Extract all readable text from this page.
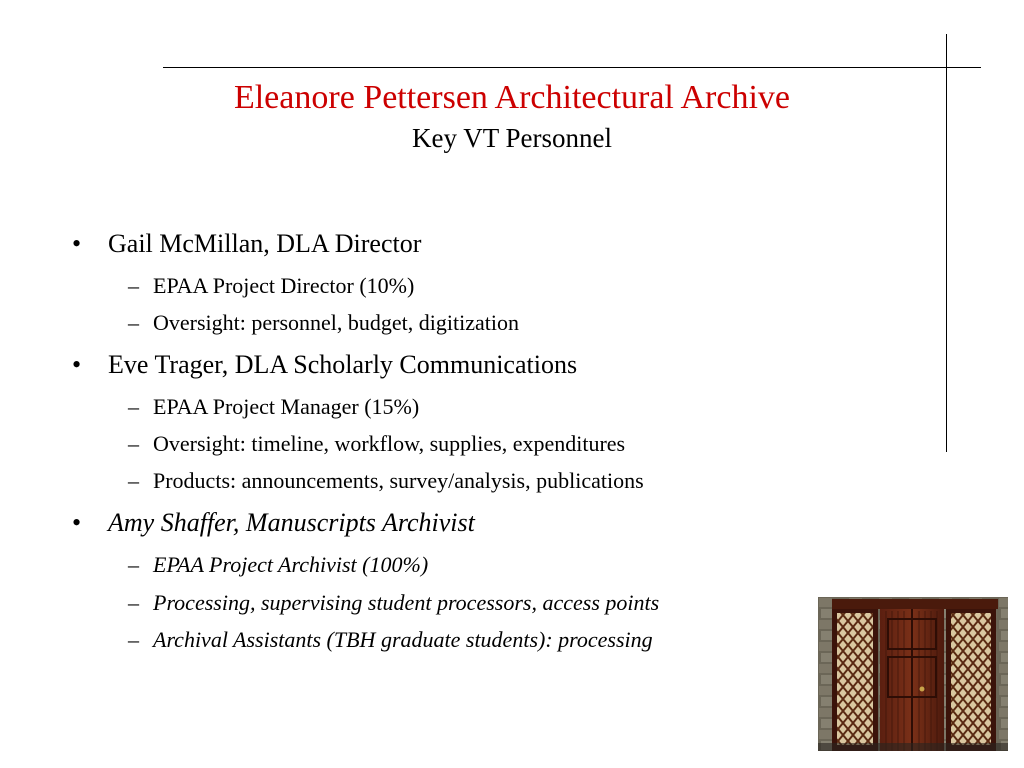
Eleanore Pettersen Architectural Archive
Key VT Personnel
• Gail McMillan, DLA Director
– EPAA Project Director (10%)
– Oversight: personnel, budget, digitization
• Eve Trager, DLA Scholarly Communications
– EPAA Project Manager (15%)
– Oversight: timeline, workflow, supplies, expenditures
– Products: announcements, survey/analysis, publications
• Amy Shaffer, Manuscripts Archivist
– EPAA Project Archivist (100%)
– Processing, supervising student processors, access points
– Archival Assistants (TBH graduate students): processing
